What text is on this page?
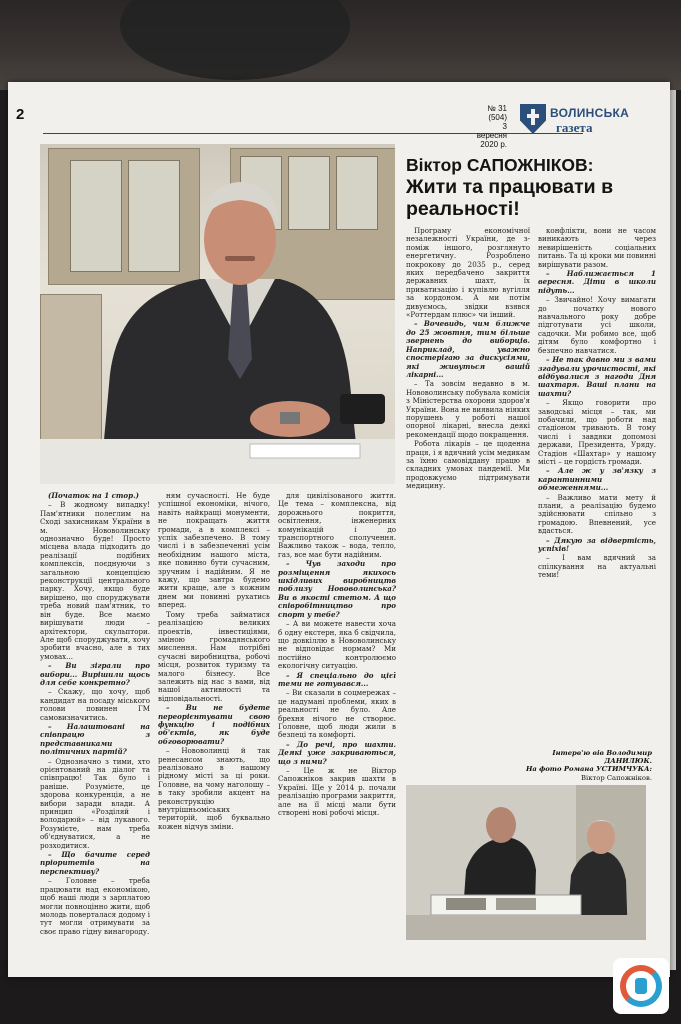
2	№ 31 (504)
3 вересня
2020 р.
ВОЛИНСЬКА
газета
Віктор САПОЖНІКОВ:
Жити та працювати в реальності!

Програму економічної незалежності України, де з-поміж іншого, розглянуто енергетичну. Розроблено покрокову до 2035 р., серед яких передбачено закриття державних шахт, їх приватизацію і купівлю вугілля за кордоном. А ми потім дивуємось, звідки взявся «Роттердам плюс» чи інший.

– Вочевидь, чим ближче до 25 жовтня, тим більше звернень до виборців. Наприклад, уважно спостерігаю за дискусіями, які живуться вашій лікарні...

– Та зовсім недавно в м. Нововолинську побувала комісія з Міністерства охорони здоров'я України. Вона не виявила ніяких порушень у роботі нашої опорної лікарні, внесла деякі рекомендації щодо покращення.

Робота лікарів – це щоденна праця, і я вдячний усім медикам за їхню самовіддану працю в складних умовах пандемії. Ми продовжуємо підтримувати медицину.

конфлікти, вони не часом виникають через невирішеність соціальних питань. Та ці кроки ми повинні вирішувати разом.

– Наближається 1 вересня. Діти в школи підуть...

– Звичайно! Хочу вимагати до початку нового навчального року добре підготувати усі школи, садочки. Ми робимо все, щоб дітям було комфортно і безпечно навчатися.

– Не так давно ми з вами згадували урочистості, які відбувалися з нагоди Дня шахтаря. Ваші плани на шахти?

– Якщо говорити про заводські місця – так, ми побачили, що роботи над стадіоном тривають. В тому числі і завдяки допомозі держави, Президента, Уряду. Стадіон «Шахтар» у нашому місті – це гордість громади.

– Але ж у зв'язку з карантинними обмеженнями...

– Важливо мати мету й плани, а реалізацію будемо здійснювати спільно з громадою. Впевнений, усе вдасться.

– Дякую за відвертість, успіхів!

– І вам вдячний за спілкування на актуальні теми!

Інтерв'ю вів Володимир ДАНИЛЮК.
На фото Романа УСТИМЧУКА:
Віктор Сапожніков.

(Початок на 1 стор.)

– В жодному випадку! Пам'ятники полеглим на Сході захисникам України в м. Нововолинську однозначно буде! Просто місцева влада підходить до реалізації подібних комплексів, поєднуючи з загальною концепцією реконструкції центрального парку. Хочу, якщо буде вирішено, що споруджувати треба новий пам'ятник, то він буде. Все маємо вирішувати люди – архітектори, скульптори. Але щоб споруджувати, хочу зробити вчасно, але в тих умовах...

– Ви зіграли про вибори... Вирішили щось для себе конкретно?

– Скажу, що хочу, щоб кандидат на посаду міського голови повинен ГМ самовизначитись.

– Налаштовані на співпрацю з представниками політичних партій?

– Однозначно з тими, хто орієнтований на діалог та співпрацю! Так було і раніше. Розумієте, це здорова конкуренція, а не вибори заради влади. А принцип «Розділяй і володарюй» – від лукавого. Розумієте, нам треба об'єднуватися, а не розходитися.

– Що бачите серед пріоритетів на перспективу?

– Головне – треба працювати над економікою, щоб наші люди з зарплатою могли повноцінно жити, щоб молодь поверталася додому і тут могли отримувати за своє право гідну винагороду.

ням сучасності. Не буде успішної економіки, нічого, навіть найкращі монументи, не покращать життя громади, а в комплексі – успіх забезпечено. В тому числі і в забезпеченні усім необхідним нашого міста, яке повинно бути сучасним, зручним і надійним. Я не кажу, що завтра будемо жити краще, але з кожним днем ми повинні рухатись вперед.

Тому треба займатися реалізацією великих проектів, інвестиціями, зміною громадянського мислення. Нам потрібні сучасні виробництва, робочі місця, розвиток туризму та малого бізнесу. Все залежить від нас з вами, від нашої активності та відповідальності.

– Ви не будете переорієнтувати свою функцію і подібних об'єктів, як буде обговорювати?

– Нововолинці й так ренесансом знають, що реалізовано в нашому рідному місті за ці роки. Головне, на чому наголошу – в таку зробили акцент на реконструкцію внутрішньоміських територій, щоб буквально кожен відчув зміни.

для цивілізованого життя. Це тема – комплексна, від дорожнього покриття, освітлення, інженерних комунікацій і до транспортного сполучення. Важливо також – вода, тепло, газ, все має бути надійним.

– Чув заходи про розміщення якихось шкідливих виробництв поблизу Нововолинська? Ви в якості стетом. А що співробітництво про спорт у тебе?

– А ви можете навести хоча б одну екстерн, яка б свідчила, що довкіллю в Нововолинську не відповідає нормам? Ми постійно контролюємо екологічну ситуацію.

– Я спеціально до цієї теми не готувався...

– Ви сказали в соцмережах – це надумані проблеми, яких в реальності не було. Але брехня нічого не створює. Головне, щоб люди жили в безпеці та комфорті.

– До речі, про шахти. Деякі уже закриваються, що з ними?

– Це ж не Віктор Сапожніков закрив шахти в Україні. Ще у 2014 р. почали реалізацію програми закриття, але на її місці мали бути створені нові робочі місця.
